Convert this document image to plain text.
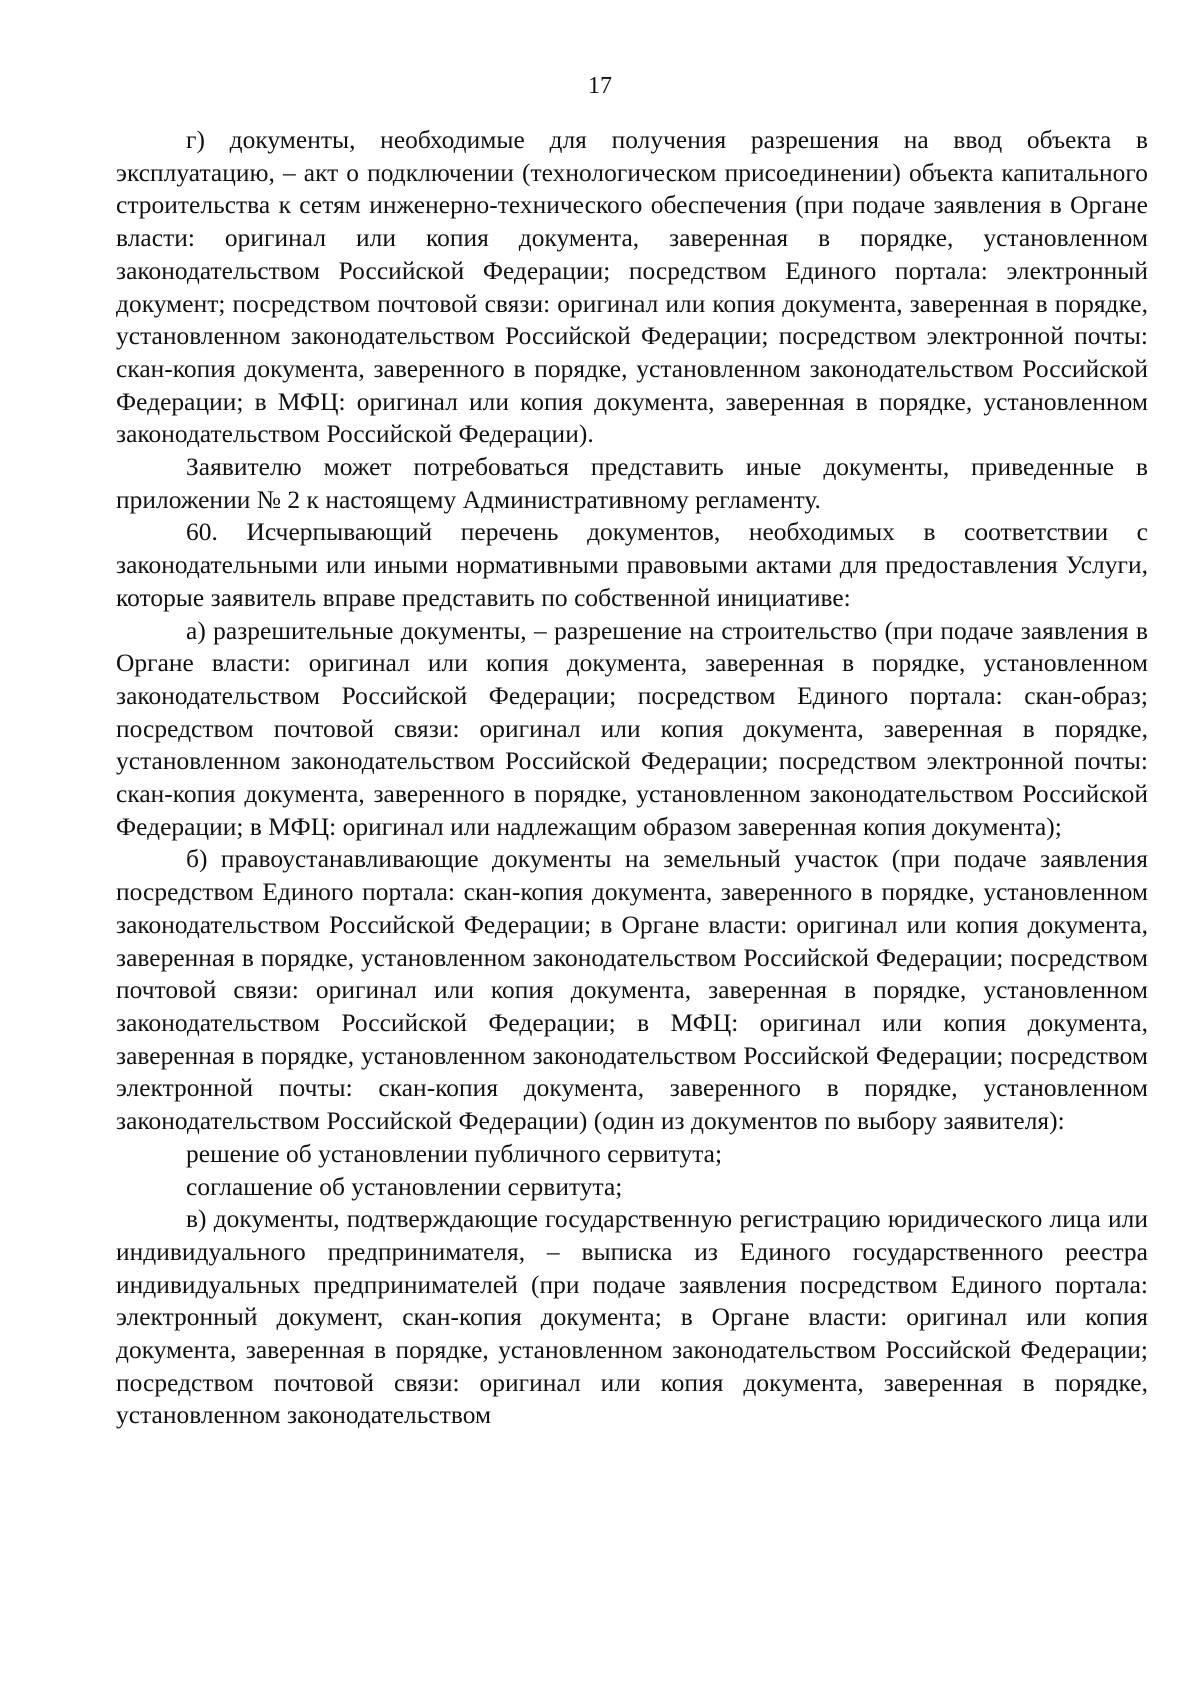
17

г) документы, необходимые для получения разрешения на ввод объекта в эксплуатацию, – акт о подключении (технологическом присоединении) объекта капитального строительства к сетям инженерно-технического обеспечения (при подаче заявления в Органе власти: оригинал или копия документа, заверенная в порядке, установленном законодательством Российской Федерации; посредством Единого портала: электронный документ; посредством почтовой связи: оригинал или копия документа, заверенная в порядке, установленном законодательством Российской Федерации; посредством электронной почты: скан-копия документа, заверенного в порядке, установленном законодательством Российской Федерации; в МФЦ: оригинал или копия документа, заверенная в порядке, установленном законодательством Российской Федерации).

Заявителю может потребоваться представить иные документы, приведенные в приложении № 2 к настоящему Административному регламенту.

60. Исчерпывающий перечень документов, необходимых в соответствии с законодательными или иными нормативными правовыми актами для предоставления Услуги, которые заявитель вправе представить по собственной инициативе:

а) разрешительные документы, – разрешение на строительство (при подаче заявления в Органе власти: оригинал или копия документа, заверенная в порядке, установленном законодательством Российской Федерации; посредством Единого портала: скан-образ; посредством почтовой связи: оригинал или копия документа, заверенная в порядке, установленном законодательством Российской Федерации; посредством электронной почты: скан-копия документа, заверенного в порядке, установленном законодательством Российской Федерации; в МФЦ: оригинал или надлежащим образом заверенная копия документа);

б) правоустанавливающие документы на земельный участок (при подаче заявления посредством Единого портала: скан-копия документа, заверенного в порядке, установленном законодательством Российской Федерации; в Органе власти: оригинал или копия документа, заверенная в порядке, установленном законодательством Российской Федерации; посредством почтовой связи: оригинал или копия документа, заверенная в порядке, установленном законодательством Российской Федерации; в МФЦ: оригинал или копия документа, заверенная в порядке, установленном законодательством Российской Федерации; посредством электронной почты: скан-копия документа, заверенного в порядке, установленном законодательством Российской Федерации) (один из документов по выбору заявителя):

решение об установлении публичного сервитута;

соглашение об установлении сервитута;

в) документы, подтверждающие государственную регистрацию юридического лица или индивидуального предпринимателя, – выписка из Единого государственного реестра индивидуальных предпринимателей (при подаче заявления посредством Единого портала: электронный документ, скан-копия документа; в Органе власти: оригинал или копия документа, заверенная в порядке, установленном законодательством Российской Федерации; посредством почтовой связи: оригинал или копия документа, заверенная в порядке, установленном законодательством
